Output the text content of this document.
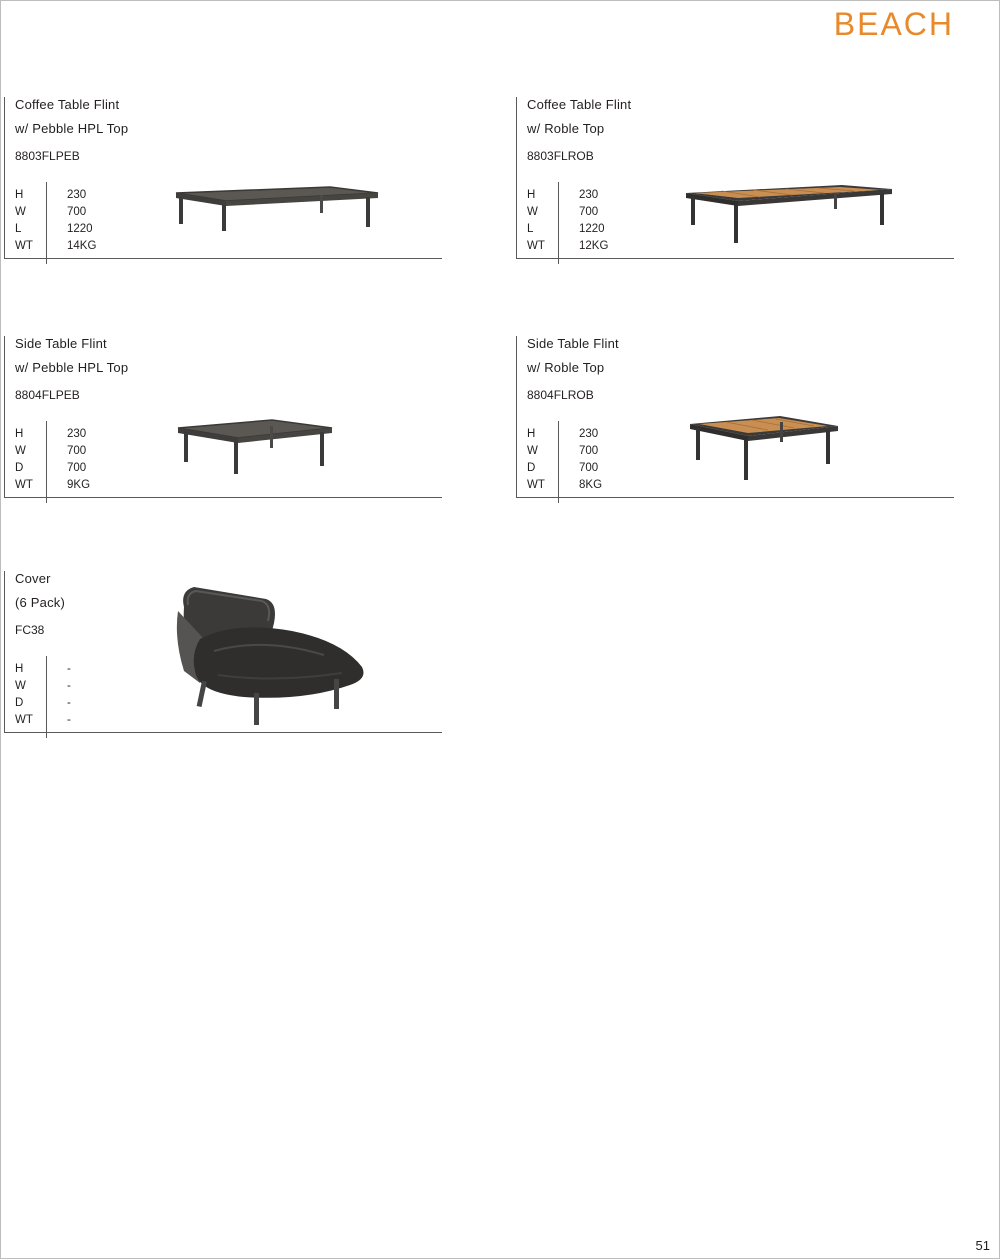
BEACH
Coffee Table Flint
w/ Pebble HPL Top
8803FLPEB
H	230
W	700
L	1220
WT	14KG
Coffee Table Flint
w/ Roble Top
8803FLROB
H	230
W	700
L	1220
WT	12KG
Side Table Flint
w/ Pebble HPL Top
8804FLPEB
H	230
W	700
D	700
WT	9KG
Side Table Flint
w/ Roble Top
8804FLROB
H	230
W	700
D	700
WT	8KG
Cover
(6 Pack)
FC38
H	-
W	-
D	-
WT	-
51
